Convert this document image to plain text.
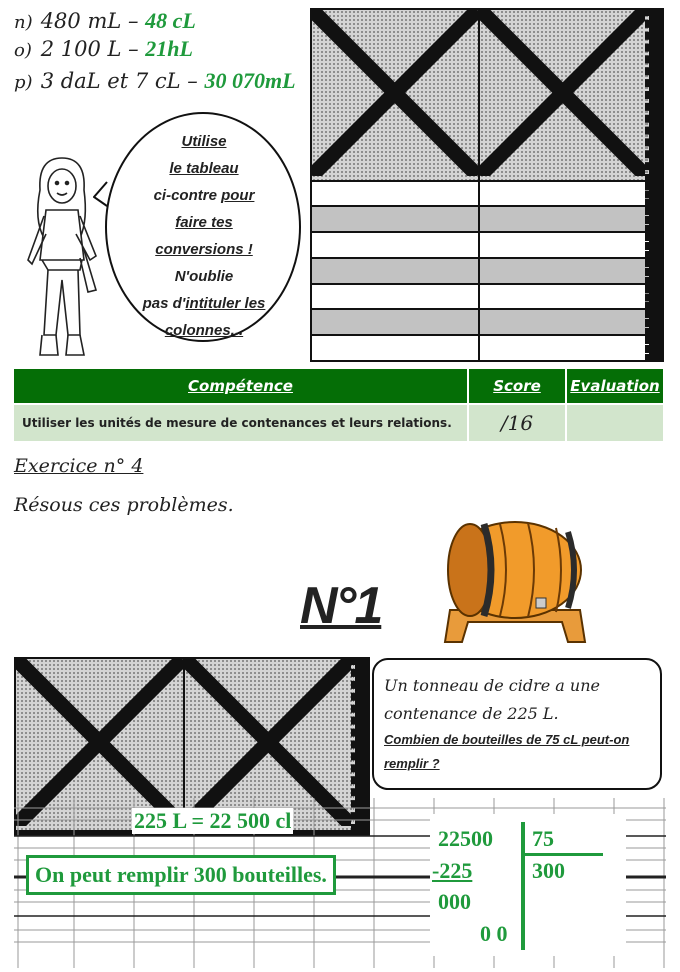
n) 480 mL – 48 cL
o) 2 100 L – 21hL
p) 3 daL et 7 cL – 30 070mL
Utilise
le tableau
ci-contre pour
faire tes
conversions !
N'oublie
pas d'intituler les
colonnes...

Compétence	Score	Evaluation
Utiliser les unités de mesure de contenances et leurs relations.	/16
Exercice n° 4
Résous ces problèmes.
N°1

Un tonneau de cidre a une contenance de 225 L.
Combien de bouteilles de 75 cL peut-on remplir ?
225 L = 22 500 cl
On peut remplir 300 bouteilles.
22500 75
-225	300
000
0 0
